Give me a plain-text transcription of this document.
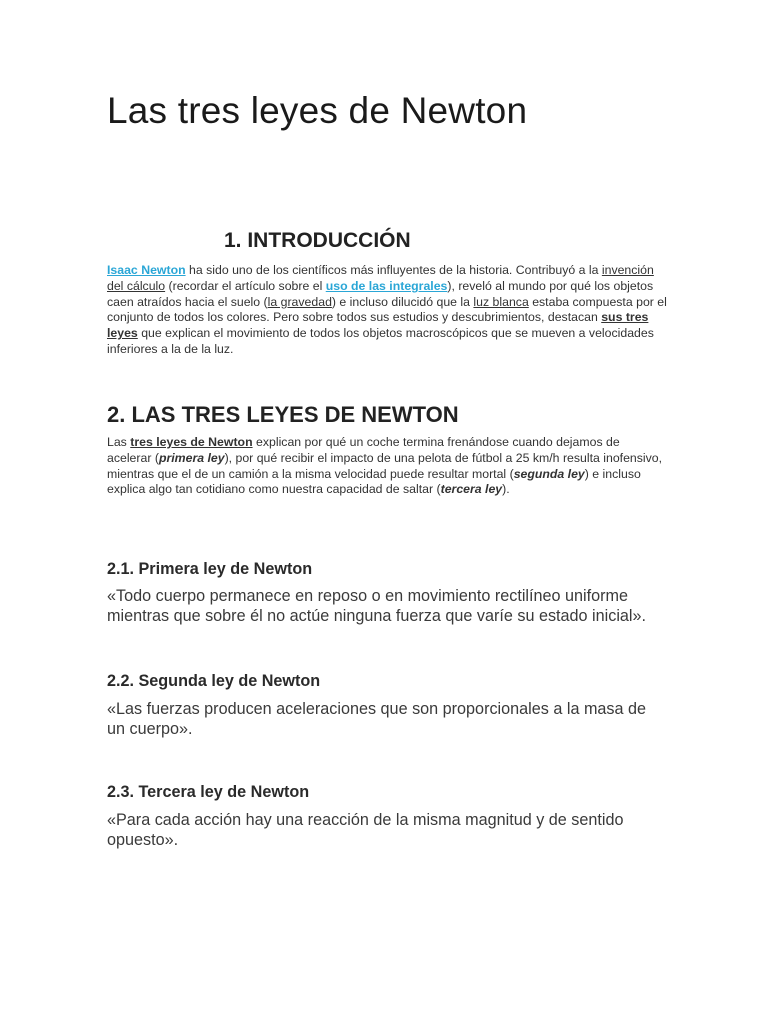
Las tres leyes de Newton
1. INTRODUCCIÓN

Isaac Newton ha sido uno de los científicos más influyentes de la historia. Contribuyó a la invención del cálculo (recordar el artículo sobre el uso de las integrales), reveló al mundo por qué los objetos caen atraídos hacia el suelo (la gravedad) e incluso dilucidó que la luz blanca estaba compuesta por el conjunto de todos los colores. Pero sobre todos sus estudios y descubrimientos, destacan sus tres leyes que explican el movimiento de todos los objetos macroscópicos que se mueven a velocidades inferiores a la de la luz.

2. LAS TRES LEYES DE NEWTON

Las tres leyes de Newton explican por qué un coche termina frenándose cuando dejamos de acelerar (primera ley), por qué recibir el impacto de una pelota de fútbol a 25 km/h resulta inofensivo, mientras que el de un camión a la misma velocidad puede resultar mortal (segunda ley) e incluso explica algo tan cotidiano como nuestra capacidad de saltar (tercera ley).

2.1. Primera ley de Newton

«Todo cuerpo permanece en reposo o en movimiento rectilíneo uniforme mientras que sobre él no actúe ninguna fuerza que varíe su estado inicial».

2.2. Segunda ley de Newton

«Las fuerzas producen aceleraciones que son proporcionales a la masa de un cuerpo».

2.3. Tercera ley de Newton

«Para cada acción hay una reacción de la misma magnitud y de sentido opuesto».
